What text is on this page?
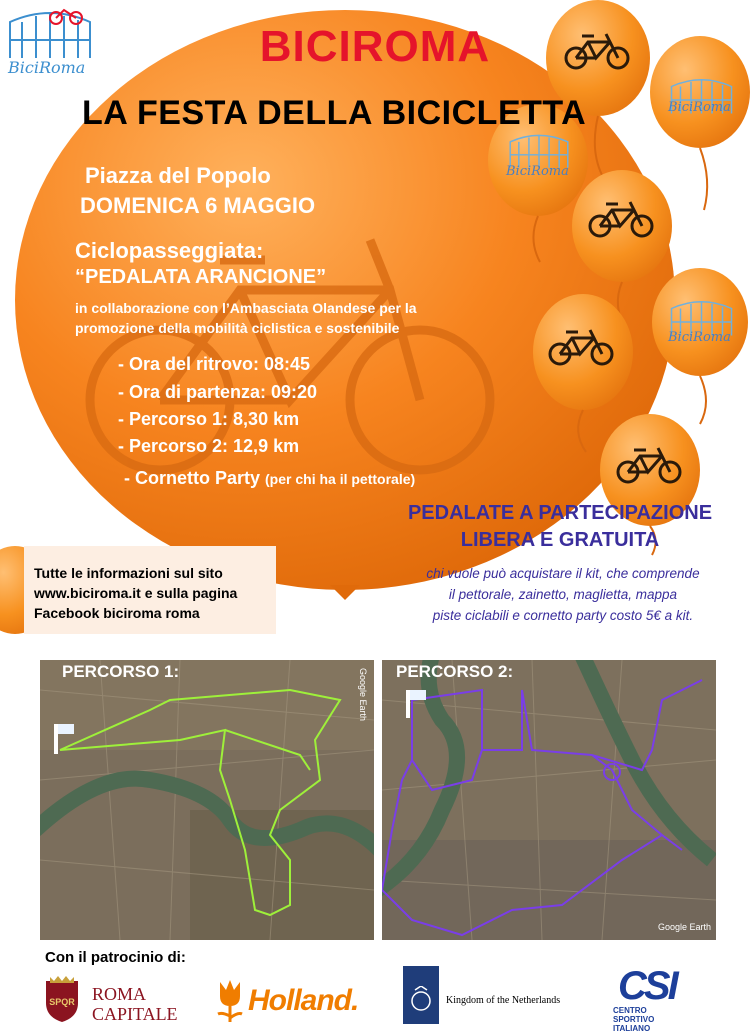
BiciRoma
BiciRoma
BiciRoma
BiciRoma
BICIROMA
LA FESTA DELLA BICICLETTA
Piazza del Popolo
DOMENICA 6 MAGGIO
Ciclopasseggiata:
“PEDALATA ARANCIONE”
in collaborazione con l’Ambasciata Olandese per la
promozione della mobilità ciclistica e sostenibile
- Ora del ritrovo: 08:45
- Ora di partenza: 09:20
- Percorso 1: 8,30 km
- Percorso 2: 12,9 km
- Cornetto Party (per chi ha il pettorale)
Tutte le informazioni sul sito
www.biciroma.it e sulla pagina
Facebook biciroma roma
PEDALATE A PARTECIPAZIONE
LIBERA E GRATUITA
chi vuole può acquistare il kit, che comprende
il pettorale, zainetto, maglietta, mappa
piste ciclabili e cornetto party costo 5€ a kit.
PERCORSO 1:	Google Earth PERCORSO 2:
Google Earth
Con il patrocinio di:
SPQR ROMA
CAPITALE Holland.	Kingdom of the Netherlands CSI
CENTRO
SPORTIVO
ITALIANO
